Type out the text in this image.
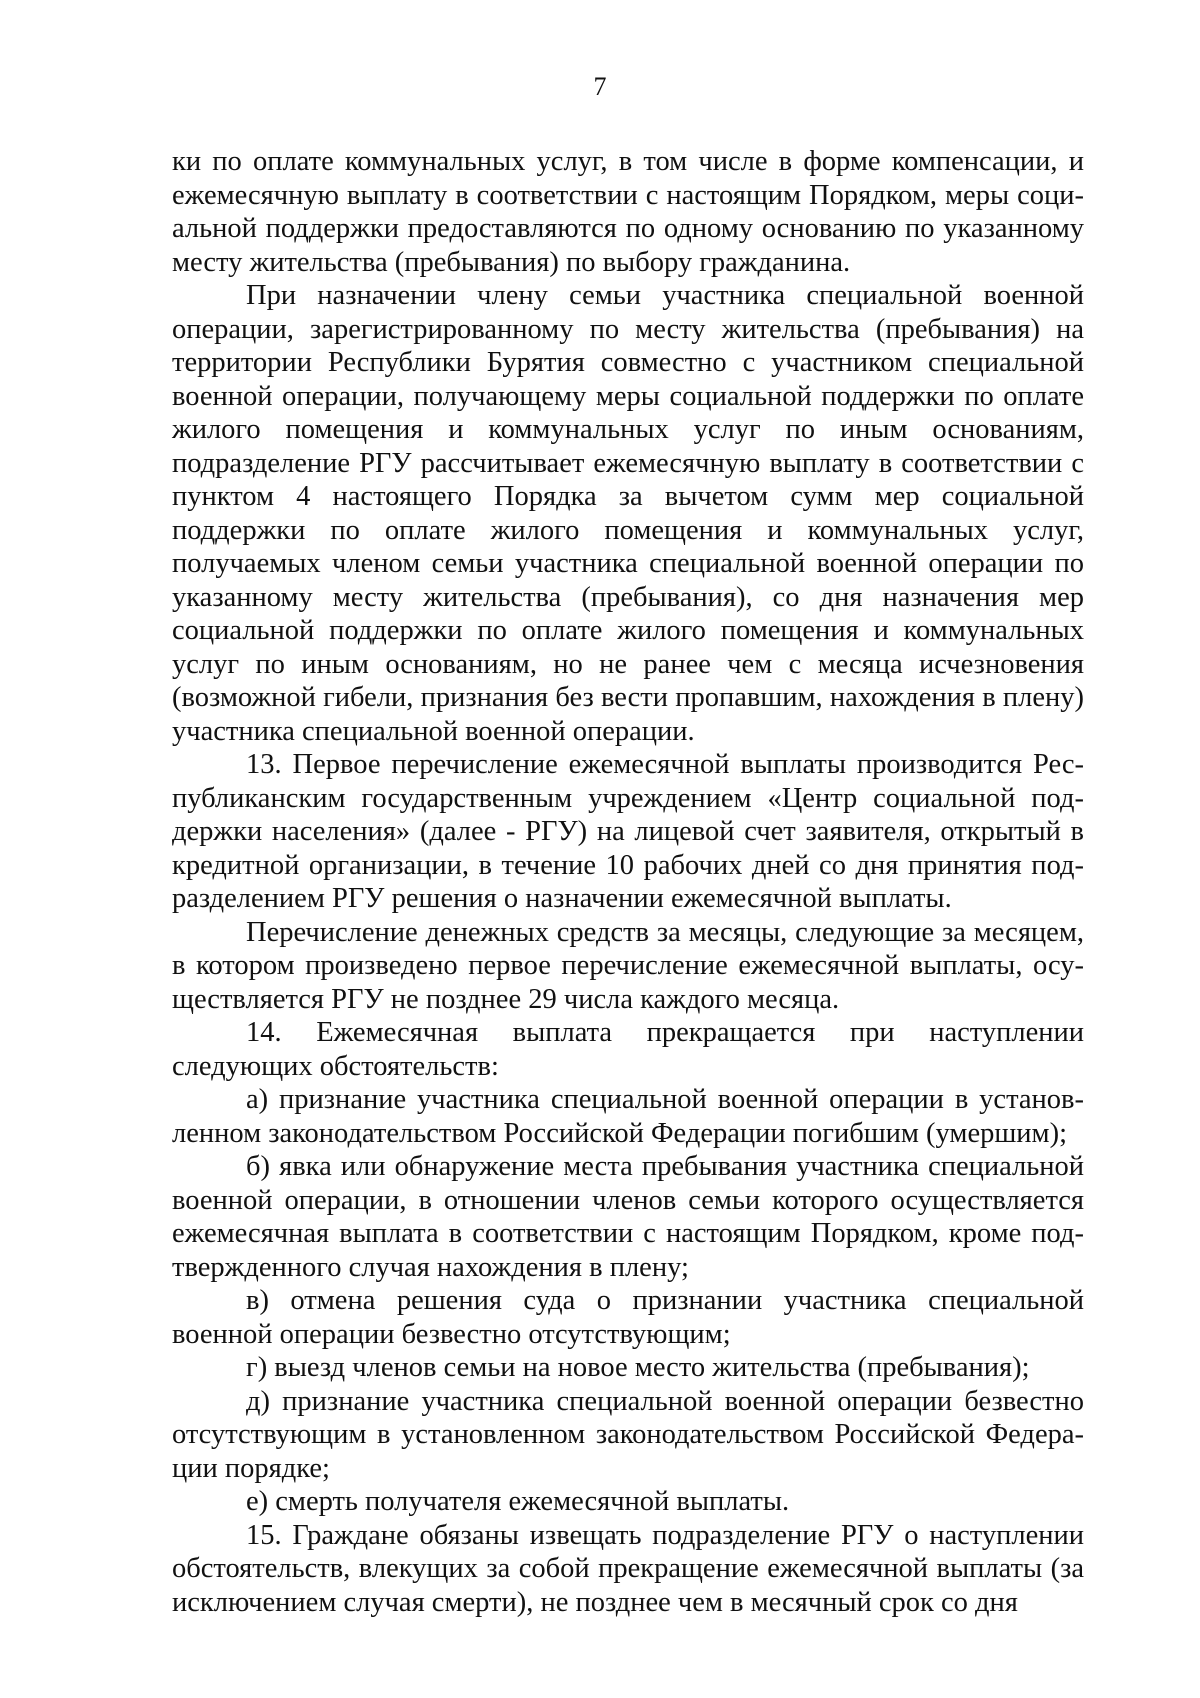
7

ки по оплате коммунальных услуг, в том числе в форме компенсации, и ежемесячную выплату в соответствии с настоящим Порядком, меры социальной поддержки предоставляются по одному основанию по указанному месту жительства (пребывания) по выбору гражданина.

При назначении члену семьи участника специальной военной операции, зарегистрированному по месту жительства (пребывания) на территории Республики Бурятия совместно с участником специальной военной операции, получающему меры социальной поддержки по оплате жилого помещения и коммунальных услуг по иным основаниям, подразделение РГУ рассчитывает ежемесячную выплату в соответствии с пунктом 4 настоящего Порядка за вычетом сумм мер социальной поддержки по оплате жилого помещения и коммунальных услуг, получаемых членом семьи участника специальной военной операции по указанному месту жительства (пребывания), со дня назначения мер социальной поддержки по оплате жилого помещения и коммунальных услуг по иным основаниям, но не ранее чем с месяца исчезновения (возможной гибели, признания без вести пропавшим, нахождения в плену) участника специальной военной операции.

13. Первое перечисление ежемесячной выплаты производится Республиканским государственным учреждением «Центр социальной поддержки населения» (далее - РГУ) на лицевой счет заявителя, открытый в кредитной организации, в течение 10 рабочих дней со дня принятия подразделением РГУ решения о назначении ежемесячной выплаты.

Перечисление денежных средств за месяцы, следующие за месяцем, в котором произведено первое перечисление ежемесячной выплаты, осуществляется РГУ не позднее 29 числа каждого месяца.

14. Ежемесячная выплата прекращается при наступлении следующих обстоятельств:

а) признание участника специальной военной операции в установленном законодательством Российской Федерации погибшим (умершим);

б) явка или обнаружение места пребывания участника специальной военной операции, в отношении членов семьи которого осуществляется ежемесячная выплата в соответствии с настоящим Порядком, кроме подтвержденного случая нахождения в плену;

в) отмена решения суда о признании участника специальной военной операции безвестно отсутствующим;

г) выезд членов семьи на новое место жительства (пребывания);

д) признание участника специальной военной операции безвестно отсутствующим в установленном законодательством Российской Федерации порядке;

е) смерть получателя ежемесячной выплаты.

15. Граждане обязаны извещать подразделение РГУ о наступлении обстоятельств, влекущих за собой прекращение ежемесячной выплаты (за исключением случая смерти), не позднее чем в месячный срок со дня
